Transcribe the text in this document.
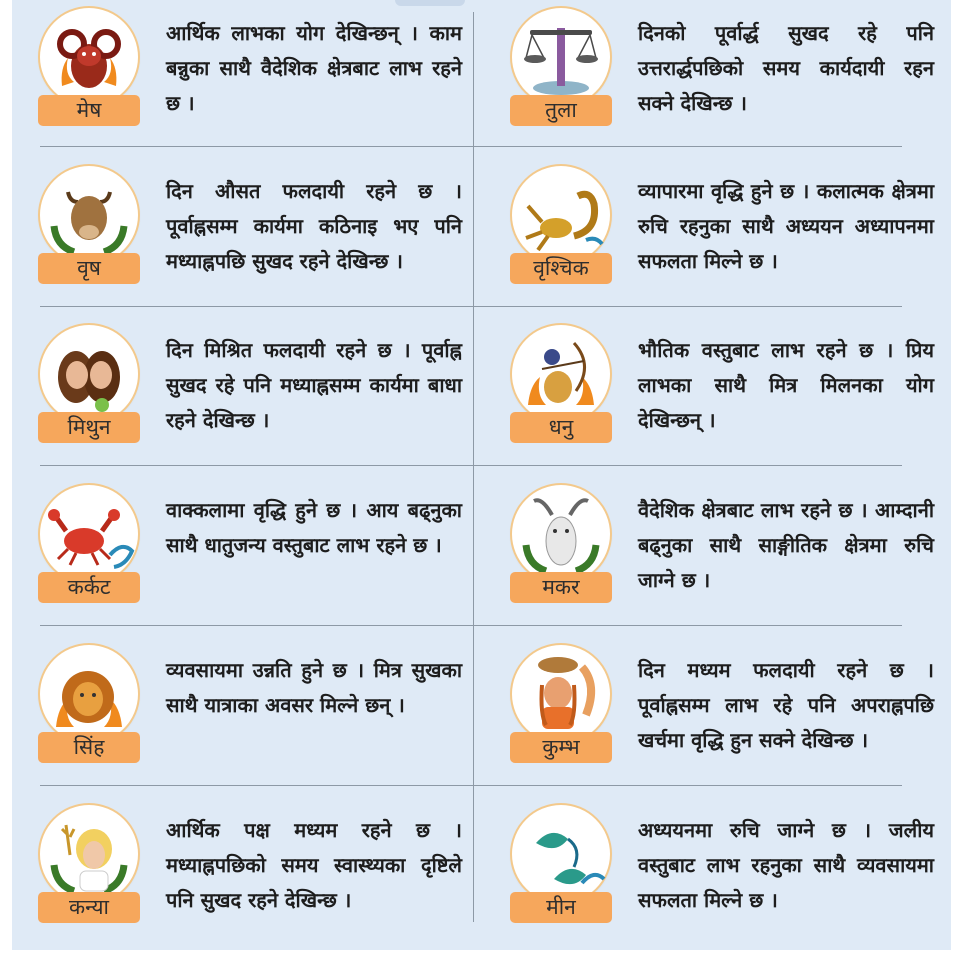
मेष

आर्थिक लाभका योग देखिन्छन् । काम बन्नुका साथै वैदेशिक क्षेत्रबाट लाभ रहने छ ।	तुला

दिनको पूर्वार्द्ध सुखद रहे पनि उत्तरार्द्धपछिको समय कार्यदायी रहन सक्ने देखिन्छ ।

वृष

दिन औसत फलदायी रहने छ । पूर्वाह्नसम्म कार्यमा कठिनाइ भए पनि मध्याह्नपछि सुखद रहने देखिन्छ ।	वृश्चिक

व्यापारमा वृद्धि हुने छ । कलात्मक क्षेत्रमा रुचि रहनुका साथै अध्ययन अध्यापनमा सफलता मिल्ने छ ।

मिथुन

दिन मिश्रित फलदायी रहने छ । पूर्वाह्न सुखद रहे पनि मध्याह्नसम्म कार्यमा बाधा रहने देखिन्छ ।	धनु

भौतिक वस्तुबाट लाभ रहने छ । प्रिय लाभका साथै मित्र मिलनका योग देखिन्छन् ।

कर्कट

वाक्कलामा वृद्धि हुने छ । आय बढ्नुका साथै धातुजन्य वस्तुबाट लाभ रहने छ ।

मकर

वैदेशिक क्षेत्रबाट लाभ रहने छ । आम्दानी बढ्नुका साथै साङ्गीतिक क्षेत्रमा रुचि जाग्ने छ ।

सिंह

व्यवसायमा उन्नति हुने छ । मित्र सुखका साथै यात्राका अवसर मिल्ने छन् ।

कुम्भ

दिन मध्यम फलदायी रहने छ । पूर्वाह्नसम्म लाभ रहे पनि अपराह्नपछि खर्चमा वृद्धि हुन सक्ने देखिन्छ ।

कन्या

आर्थिक पक्ष मध्यम रहने छ । मध्याह्नपछिको समय स्वास्थ्यका दृष्टिले पनि सुखद रहने देखिन्छ ।	मीन

अध्ययनमा रुचि जाग्ने छ । जलीय वस्तुबाट लाभ रहनुका साथै व्यवसायमा सफलता मिल्ने छ ।
